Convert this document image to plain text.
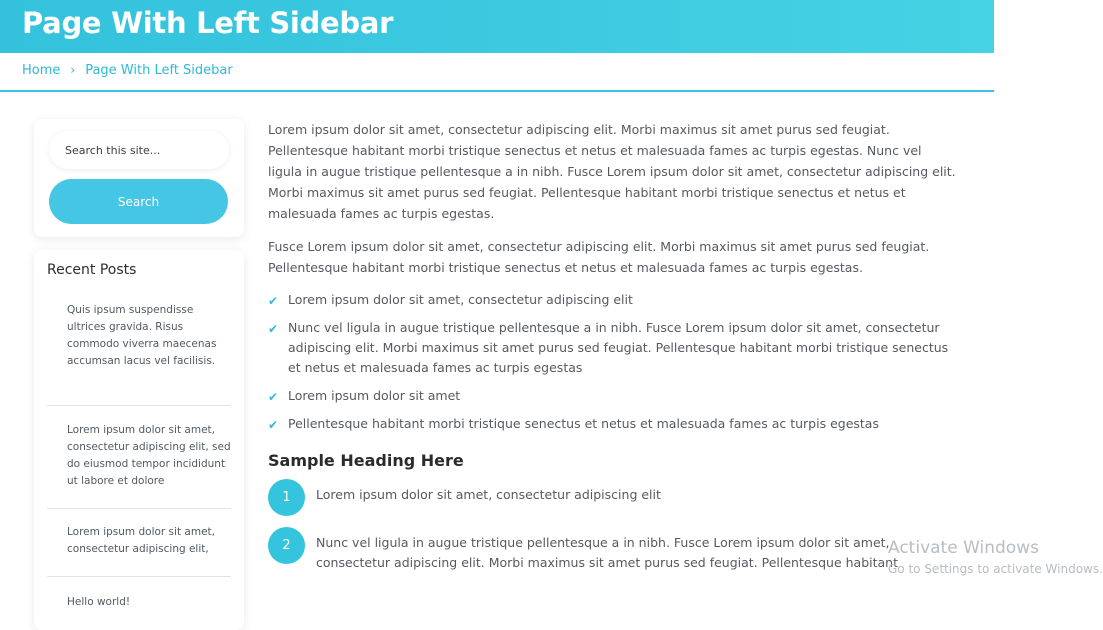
Page With Left Sidebar
Home › Page With Left Sidebar
Search this site...
Search
Recent Posts
Quis ipsum suspendisse ultrices gravida. Risus commodo viverra maecenas accumsan lacus vel facilisis.
Lorem ipsum dolor sit amet, consectetur adipiscing elit, sed do eiusmod tempor incididunt ut labore et dolore
Lorem ipsum dolor sit amet, consectetur adipiscing elit,
Hello world!

Lorem ipsum dolor sit amet, consectetur adipiscing elit. Morbi maximus sit amet purus sed feugiat. Pellentesque habitant morbi tristique senectus et netus et malesuada fames ac turpis egestas. Nunc vel ligula in augue tristique pellentesque a in nibh. Fusce Lorem ipsum dolor sit amet, consectetur adipiscing elit. Morbi maximus sit amet purus sed feugiat. Pellentesque habitant morbi tristique senectus et netus et malesuada fames ac turpis egestas.

Fusce Lorem ipsum dolor sit amet, consectetur adipiscing elit. Morbi maximus sit amet purus sed feugiat. Pellentesque habitant morbi tristique senectus et netus et malesuada fames ac turpis egestas.

✔ Lorem ipsum dolor sit amet, consectetur adipiscing elit
✔ Nunc vel ligula in augue tristique pellentesque a in nibh. Fusce Lorem ipsum dolor sit amet, consectetur adipiscing elit. Morbi maximus sit amet purus sed feugiat. Pellentesque habitant morbi tristique senectus et netus et malesuada fames ac turpis egestas
✔ Lorem ipsum dolor sit amet
✔ Pellentesque habitant morbi tristique senectus et netus et malesuada fames ac turpis egestas
Sample Heading Here
1	Lorem ipsum dolor sit amet, consectetur adipiscing elit
2	Nunc vel ligula in augue tristique pellentesque a in nibh. Fusce Lorem ipsum dolor sit amet, consectetur adipiscing elit. Morbi maximus sit amet purus sed feugiat. Pellentesque habitant
Activate Windows
Go to Settings to activate Windows.
